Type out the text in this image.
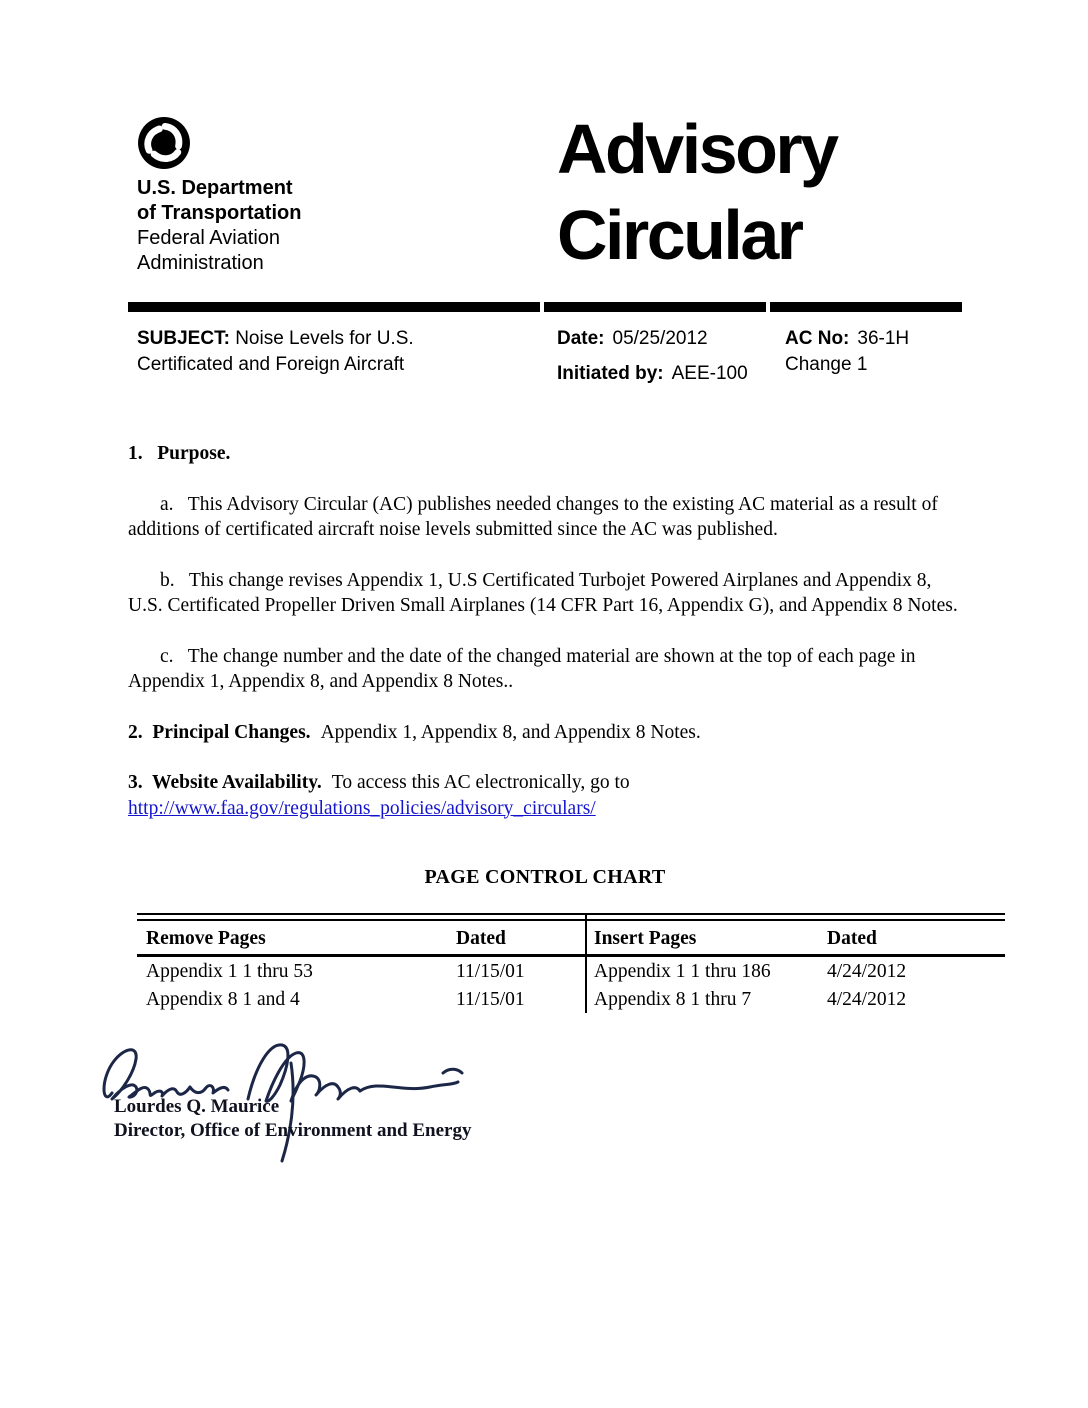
U.S. Department
of Transportation
Federal Aviation
Administration
Advisory
Circular
SUBJECT: Noise Levels for U.S. Certificated and Foreign Aircraft
Date: 05/25/2012
Initiated by: AEE-100
AC No: 36-1H
Change 1

1.   Purpose.

a.   This Advisory Circular (AC) publishes needed changes to the existing AC material as a result of additions of certificated aircraft noise levels submitted since the AC was published.

b.   This change revises Appendix 1, U.S Certificated Turbojet Powered Airplanes and Appendix 8, U.S. Certificated Propeller Driven Small Airplanes (14 CFR Part 16, Appendix G), and Appendix 8 Notes.

c.   The change number and the date of the changed material are shown at the top of each page in Appendix 1, Appendix 8, and Appendix 8 Notes..

2.  Principal Changes. Appendix 1, Appendix 8, and Appendix 8 Notes.

3.  Website Availability. To access this AC electronically, go to
http://www.faa.gov/regulations_policies/advisory_circulars/

PAGE CONTROL CHART
Remove Pages	Dated	Insert Pages	Dated
Appendix 1 1 thru 53	11/15/01	Appendix 1 1 thru 186	4/24/2012
Appendix 8 1 and 4	11/15/01	Appendix 8 1 thru 7	4/24/2012
Lourdes Q. Maurice
Director, Office of Environment and Energy
